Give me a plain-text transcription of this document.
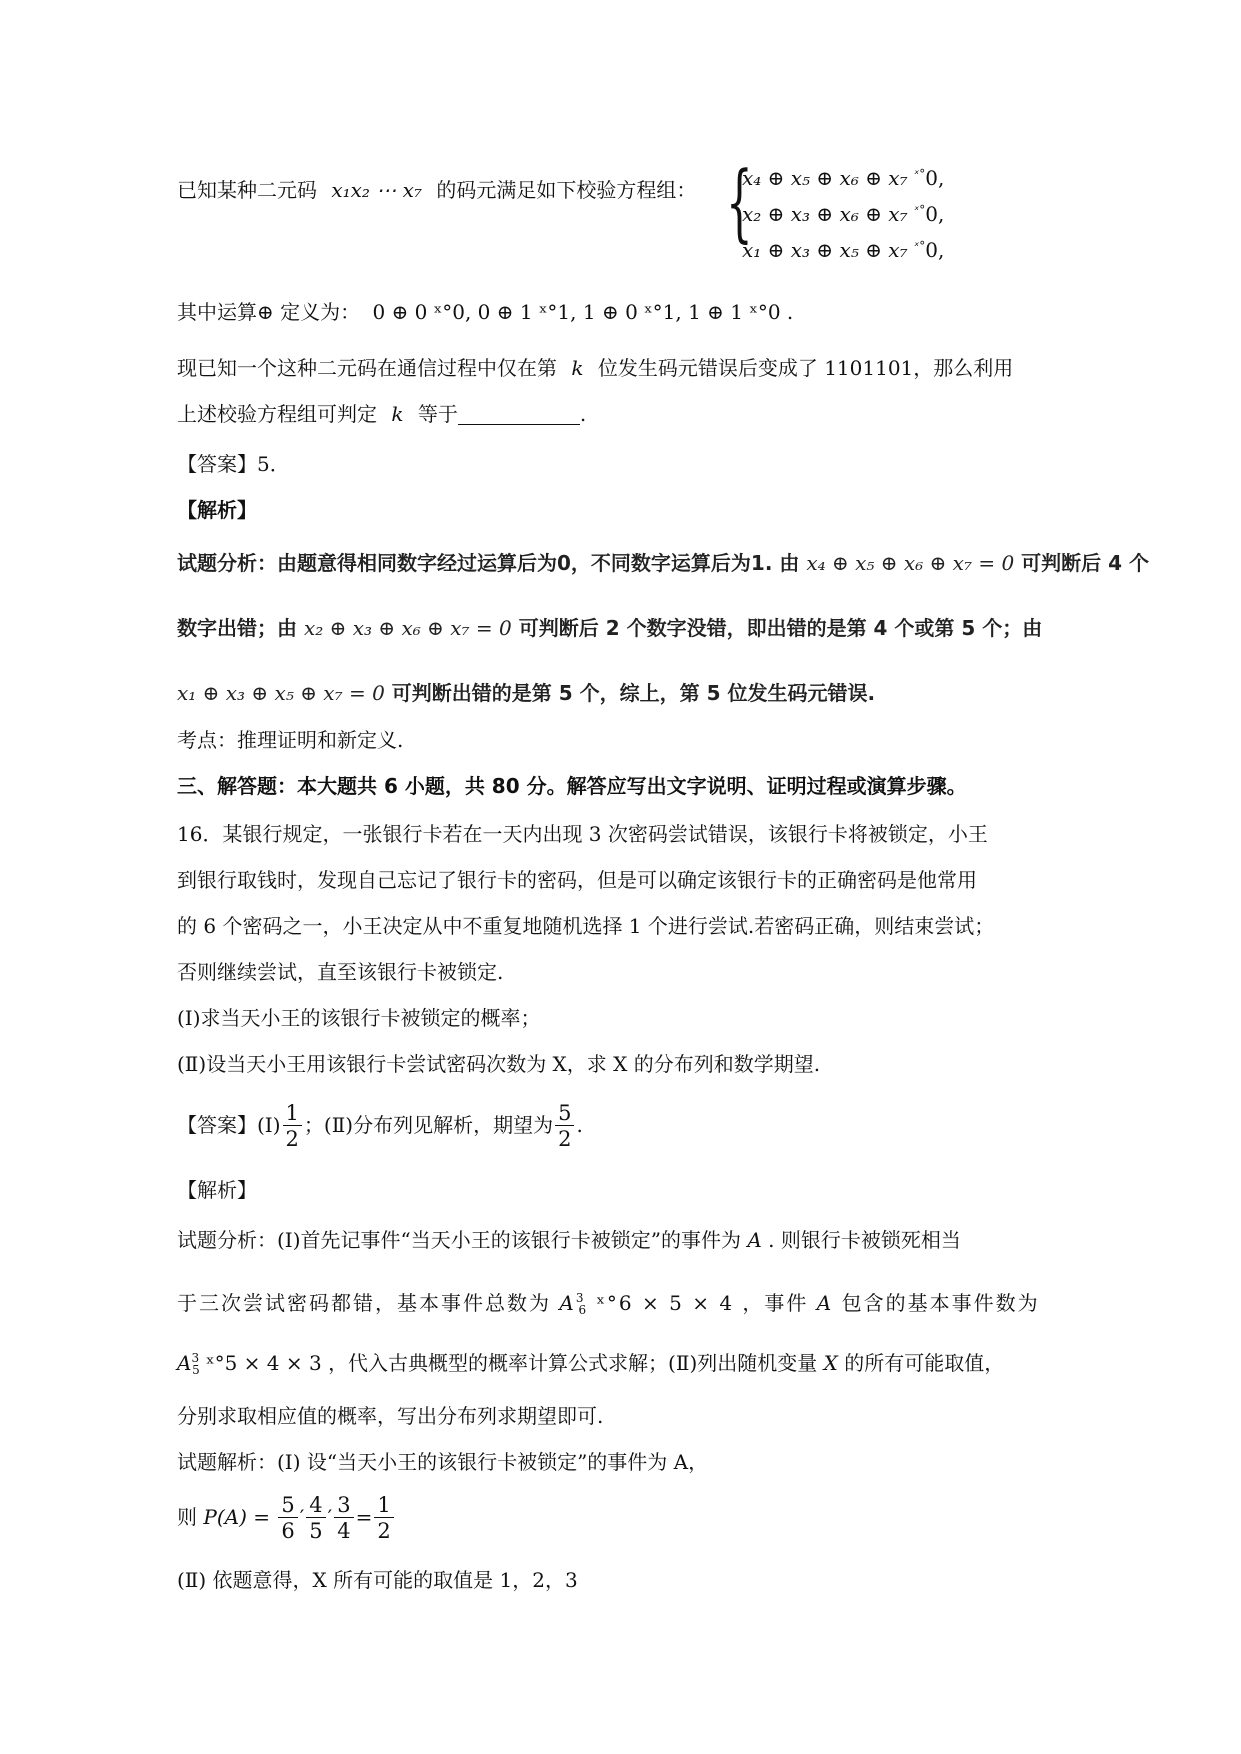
已知某种二元码 x₁x₂ ⋯ x₇ 的码元满足如下校验方程组： {
x₄ ⊕ x₅ ⊕ x₆ ⊕ x₇ $^{ˣ^\circ}$0,
x₂ ⊕ x₃ ⊕ x₆ ⊕ x₇ $^{ˣ^\circ}$0,
x₁ ⊕ x₃ ⊕ x₅ ⊕ x₇ $^{ˣ^\circ}$0,
其中运算⊕ 定义为： 0 ⊕ 0 ˣ°0, 0 ⊕ 1 ˣ°1, 1 ⊕ 0 ˣ°1, 1 ⊕ 1 ˣ°0 .
现已知一个这种二元码在通信过程中仅在第 k 位发生码元错误后变成了 1101101，那么利用
上述校验方程组可判定 k 等于	.
【答案】5．
【解析】
试题分析：由题意得相同数字经过运算后为0，不同数字运算后为1. 由 x₄ ⊕ x₅ ⊕ x₆ ⊕ x₇ = 0 可判断后 4 个
数字出错；由 x₂ ⊕ x₃ ⊕ x₆ ⊕ x₇ = 0 可判断后 2 个数字没错，即出错的是第 4 个或第 5 个；由
x₁ ⊕ x₃ ⊕ x₅ ⊕ x₇ = 0 可判断出错的是第 5 个，综上，第 5 位发生码元错误.
考点：推理证明和新定义.
三、解答题：本大题共 6 小题，共 80 分。解答应写出文字说明、证明过程或演算步骤。
16．某银行规定，一张银行卡若在一天内出现 3 次密码尝试错误，该银行卡将被锁定，小王
到银行取钱时，发现自己忘记了银行卡的密码，但是可以确定该银行卡的正确密码是他常用
的 6 个密码之一，小王决定从中不重复地随机选择 1 个进行尝试.若密码正确，则结束尝试；
否则继续尝试，直至该银行卡被锁定.
(Ⅰ)求当天小王的该银行卡被锁定的概率；
(Ⅱ)设当天小王用该银行卡尝试密码次数为 X，求 X 的分布列和数学期望.
【答案】(Ⅰ) $\frac{1}{2}$ ；(Ⅱ)分布列见解析，期望为 $\frac{5}{2}$ .
【解析】
试题分析：(Ⅰ)首先记事件“当天小王的该银行卡被锁定”的事件为 A . 则银行卡被锁死相当
于三次尝试密码都错，基本事件总数为 $A^3_6$ ˣ°6 × 5 × 4 ，事件 A 包含的基本事件数为
$A^3_5$ ˣ°5 × 4 × 3 ，代入古典概型的概率计算公式求解；(Ⅱ)列出随机变量 X 的所有可能取值，
分别求取相应值的概率，写出分布列求期望即可.
试题解析：(Ⅰ) 设“当天小王的该银行卡被锁定”的事件为 A，
则 $P(A) = \frac{5}{6}$ ′ $\frac{4}{5}$ ′ $\frac{3}{4} = \frac{1}{2}$
(Ⅱ) 依题意得，X 所有可能的取值是 1，2，3
